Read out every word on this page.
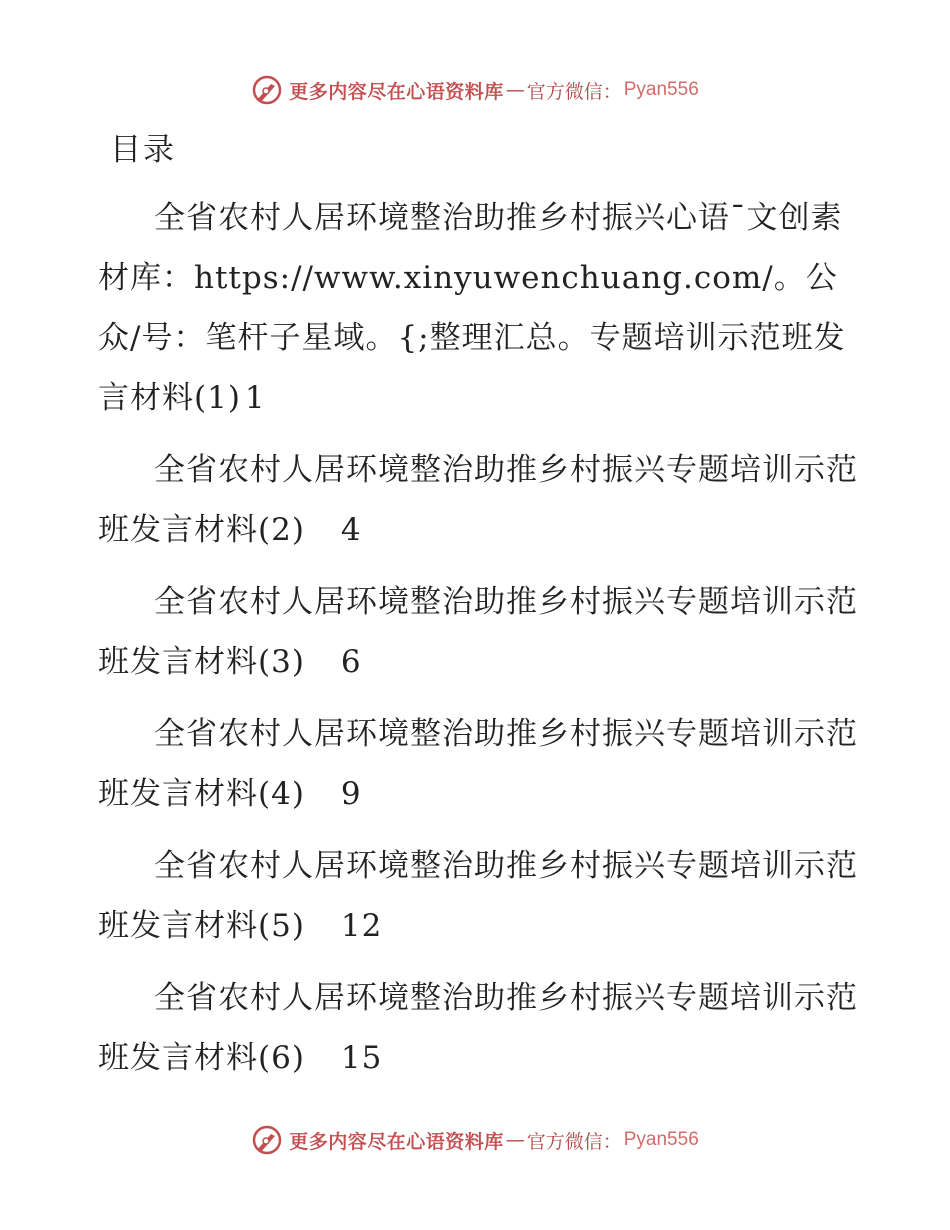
更多内容尽在心语资料库 — 官方微信： Pyan556
目录
全省农村人居环境整治助推乡村振兴心语¯文创素材库：https://www.xinyuwenchuang.com/。公众/号：笔杆子星域。{;整理汇总。专题培训示范班发言材料(1) 1
全省农村人居环境整治助推乡村振兴专题培训示范班发言材料(2) 4
全省农村人居环境整治助推乡村振兴专题培训示范班发言材料(3) 6
全省农村人居环境整治助推乡村振兴专题培训示范班发言材料(4) 9
全省农村人居环境整治助推乡村振兴专题培训示范班发言材料(5) 12
全省农村人居环境整治助推乡村振兴专题培训示范班发言材料(6) 15
更多内容尽在心语资料库 — 官方微信： Pyan556
